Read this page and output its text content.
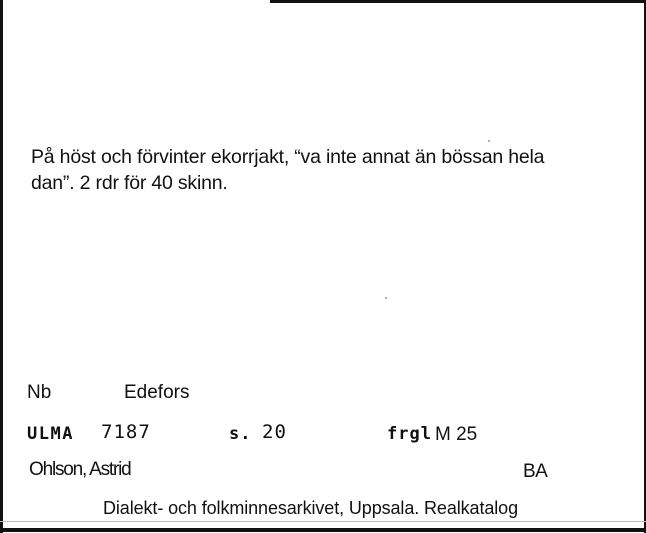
På höst och förvinter ekorrjakt, “va inte annat än bössan hela
dan”. 2 rdr för 40 skinn.
Nb	Edefors
ULMA 7187	s. 20	frgl M 25
Ohlson, Astrid	BA
Dialekt- och folkminnesarkivet, Uppsala. Realkatalog
